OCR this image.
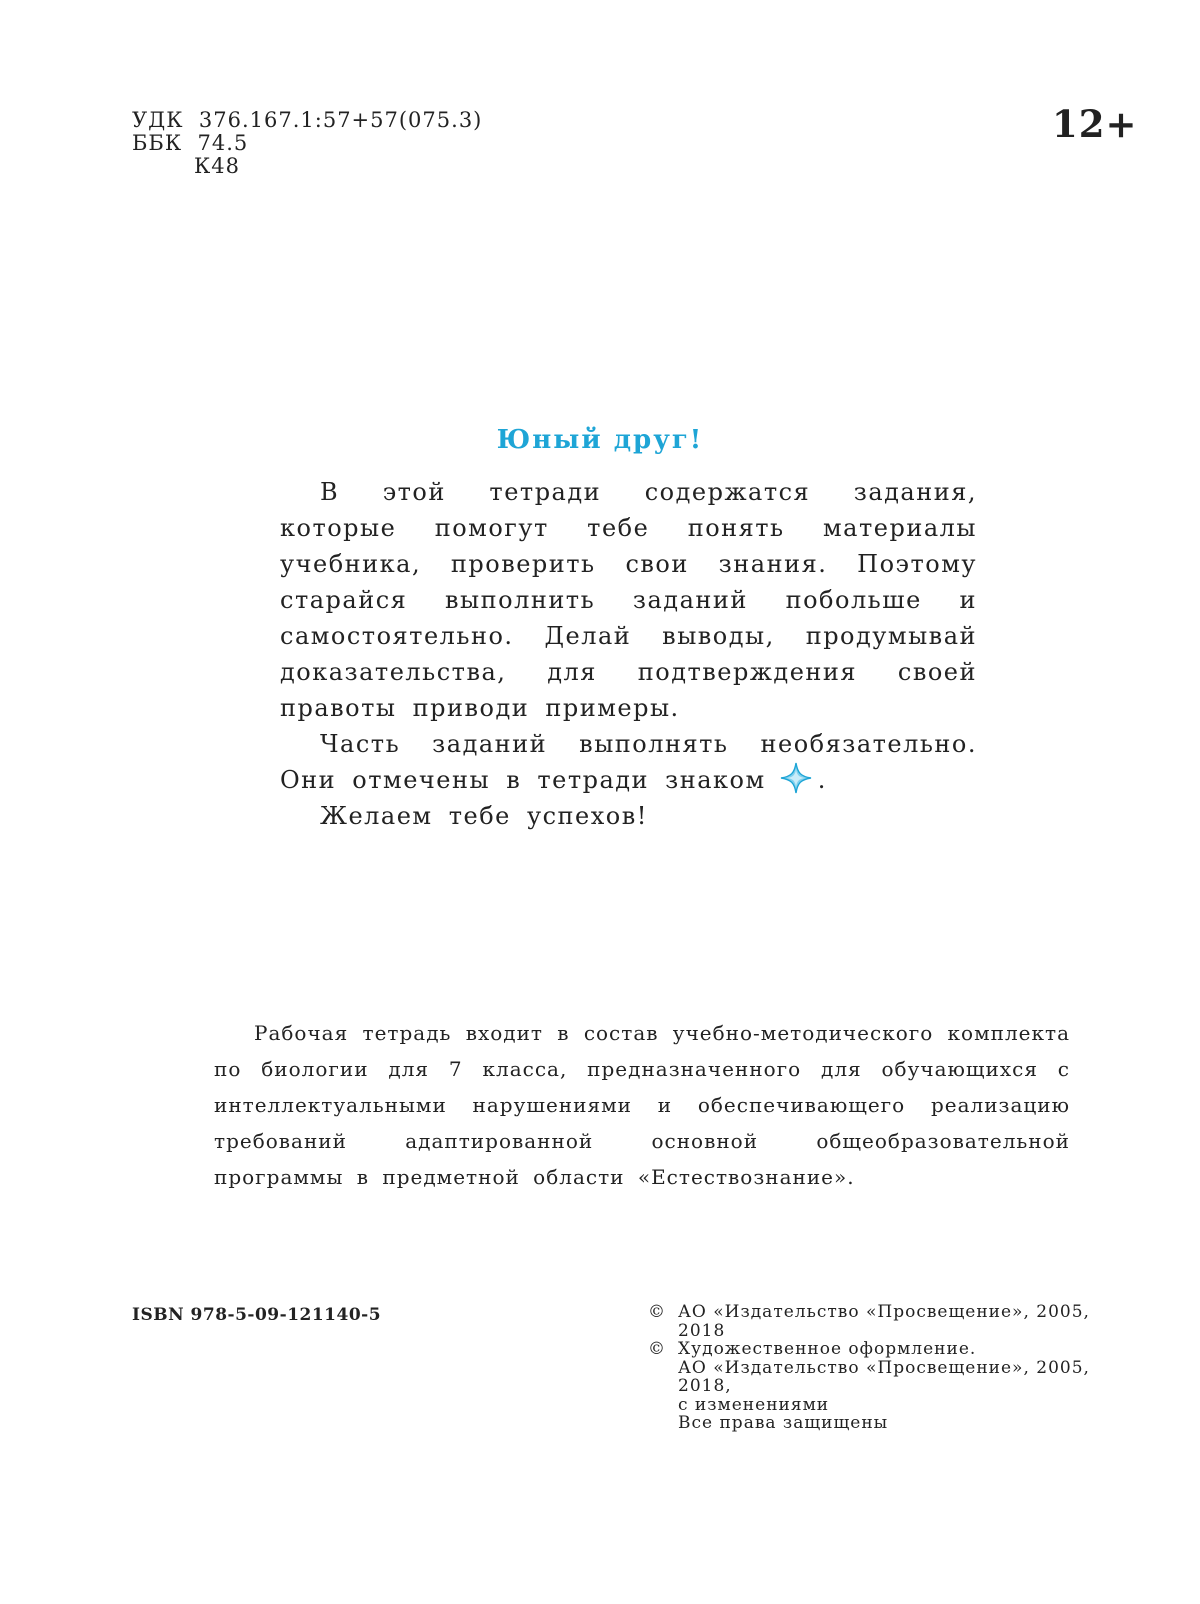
УДК 376.167.1:57+57(075.3)
ББК 74.5
К48
12+
Юный друг!

В этой тетради содержатся задания, которые помогут тебе понять материалы учебника, проверить свои знания. Поэтому старайся выполнить заданий побольше и самостоятельно. Делай выводы, продумывай доказательства, для подтверждения своей правоты приводи примеры.

Часть заданий выполнять необязательно. Они отмечены в тетради знаком .

Желаем тебе успехов!

Рабочая тетрадь входит в состав учебно-методического комплекта по биологии для 7 класса, предназначенного для обучающихся с интеллектуальными нарушениями и обеспечивающего реализацию требований адаптированной основной общеобразовательной программы в предметной области «Естествознание».

ISBN 978-5-09-121140-5	© АО «Издательство «Просвещение», 2005, 2018
© Художественное оформление.
АО «Издательство «Просвещение», 2005, 2018,
с изменениями
Все права защищены
